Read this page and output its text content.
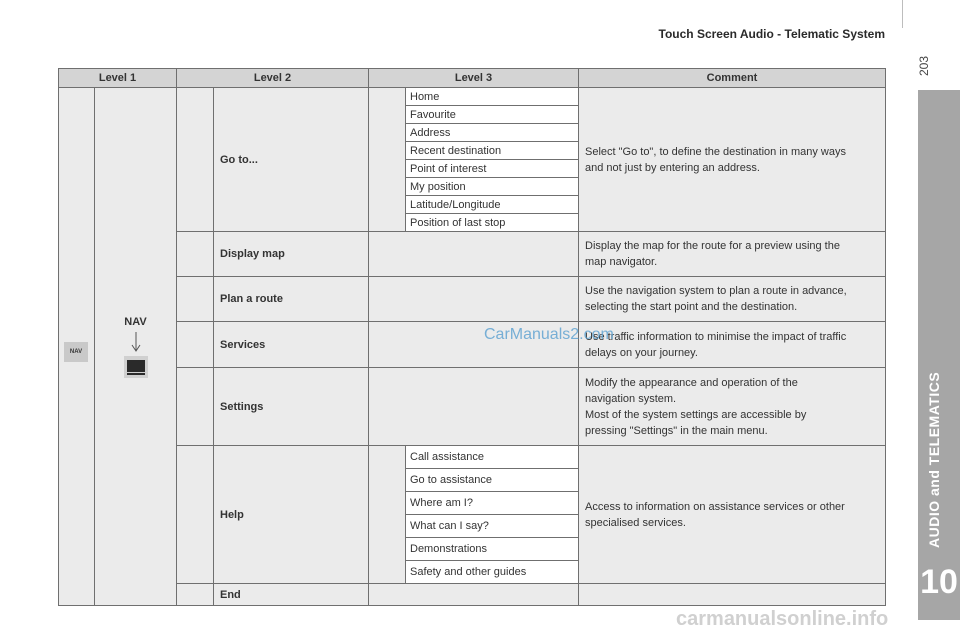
Touch Screen Audio - Telematic System
203
AUDIO and TELEMATICS
10
Level 1		Level 2		Level 3		Comment

	NAV		Go to...		Home	Select "Go to", to define the destination in many ways
and not just by entering an address.

					Favourite	
					Address	
					Recent destination	
					Point of interest	
					My position	
					Latitude/Longitude	
					Position of last stop	
			Display map			Display the map for the route for a preview using the
map navigator.

			Plan a route			Use the navigation system to plan a route in advance,
selecting the start point and the destination.

			Services			Use traffic information to minimise the impact of traffic
delays on your journey.

			Settings			Modify the appearance and operation of the
navigation system.
Most of the system settings are accessible by
pressing "Settings" in the main menu.

			Help		Call assistance	Access to information on assistance services or other
specialised services.

					Go to assistance	
					Where am I?	
					What can I say?	
					Demonstrations	
					Safety and other guides	
			End			
NAV
CarManuals2.com
carmanualsonline.info
